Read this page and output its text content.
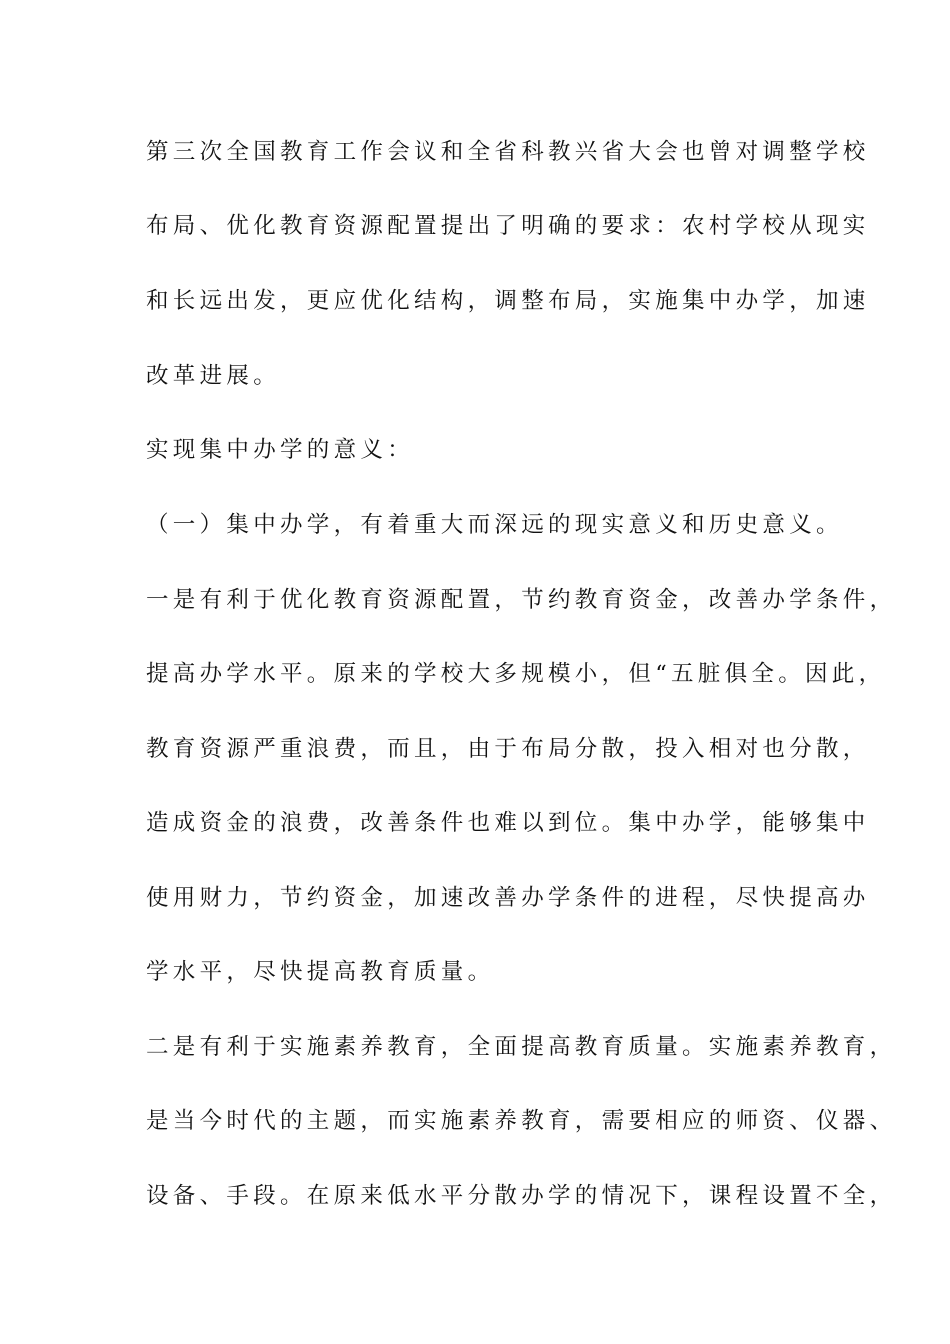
第三次全国教育工作会议和全省科教兴省大会也曾对调整学校

布局、优化教育资源配置提出了明确的要求：农村学校从现实

和长远出发，更应优化结构，调整布局，实施集中办学，加速

改革进展。

实现集中办学的意义：

（一）集中办学，有着重大而深远的现实意义和历史意义。

一是有利于优化教育资源配置，节约教育资金，改善办学条件，

提高办学水平。原来的学校大多规模小，但“五脏俱全。因此，

教育资源严重浪费，而且，由于布局分散，投入相对也分散，

造成资金的浪费，改善条件也难以到位。集中办学，能够集中

使用财力，节约资金，加速改善办学条件的进程，尽快提高办

学水平，尽快提高教育质量。

二是有利于实施素养教育，全面提高教育质量。实施素养教育，

是当今时代的主题，而实施素养教育，需要相应的师资、仪器、

设备、手段。在原来低水平分散办学的情况下，课程设置不全，
